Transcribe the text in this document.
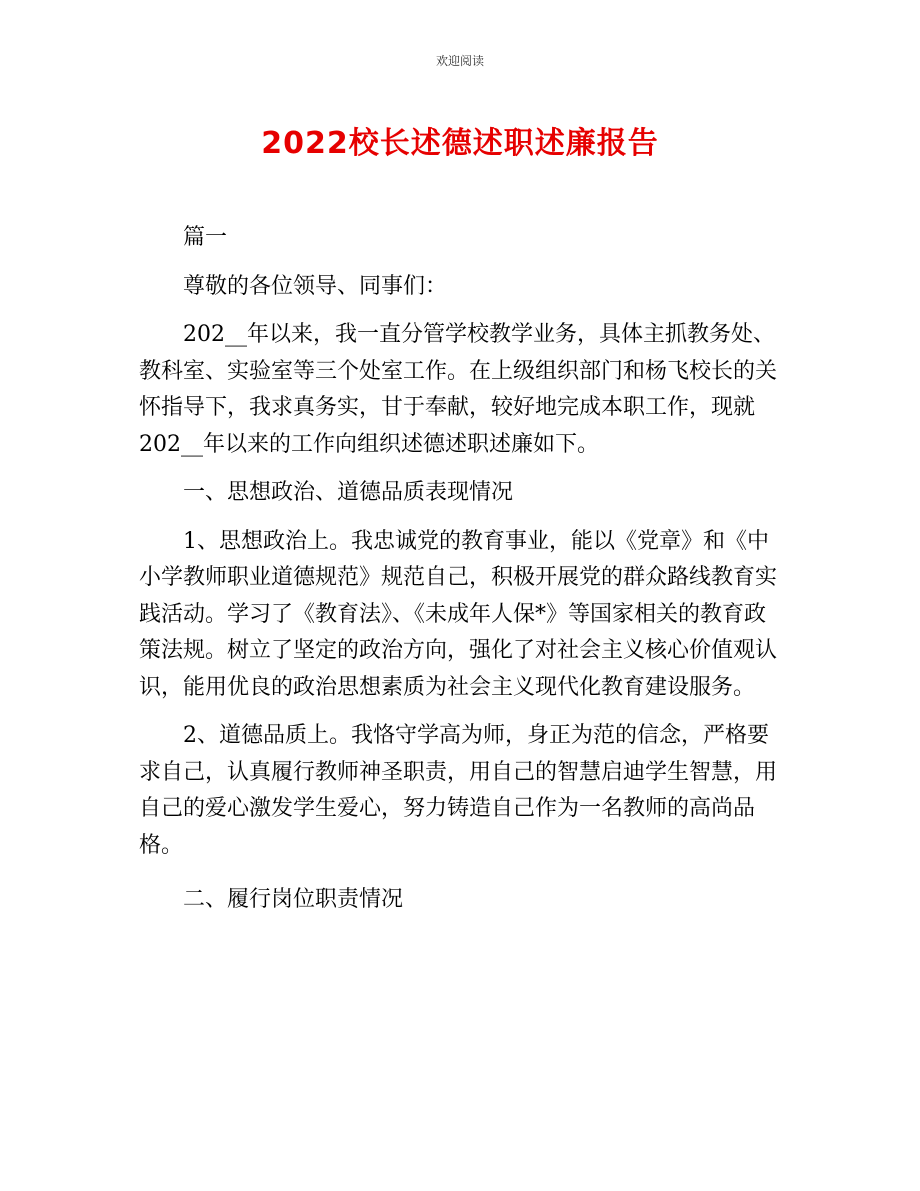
欢迎阅读
2022校长述德述职述廉报告

篇一

尊敬的各位领导、同事们：

202__年以来，我一直分管学校教学业务，具体主抓教务处、教科室、实验室等三个处室工作。在上级组织部门和杨飞校长的关怀指导下，我求真务实，甘于奉献，较好地完成本职工作，现就202__年以来的工作向组织述德述职述廉如下。

一、思想政治、道德品质表现情况

1、思想政治上。我忠诚党的教育事业，能以《党章》和《中小学教师职业道德规范》规范自己，积极开展党的群众路线教育实践活动。学习了《教育法》、《未成年人保*》等国家相关的教育政策法规。树立了坚定的政治方向，强化了对社会主义核心价值观认识，能用优良的政治思想素质为社会主义现代化教育建设服务。

2、道德品质上。我恪守学高为师，身正为范的信念，严格要求自己，认真履行教师神圣职责，用自己的智慧启迪学生智慧，用自己的爱心激发学生爱心，努力铸造自己作为一名教师的高尚品格。

二、履行岗位职责情况
